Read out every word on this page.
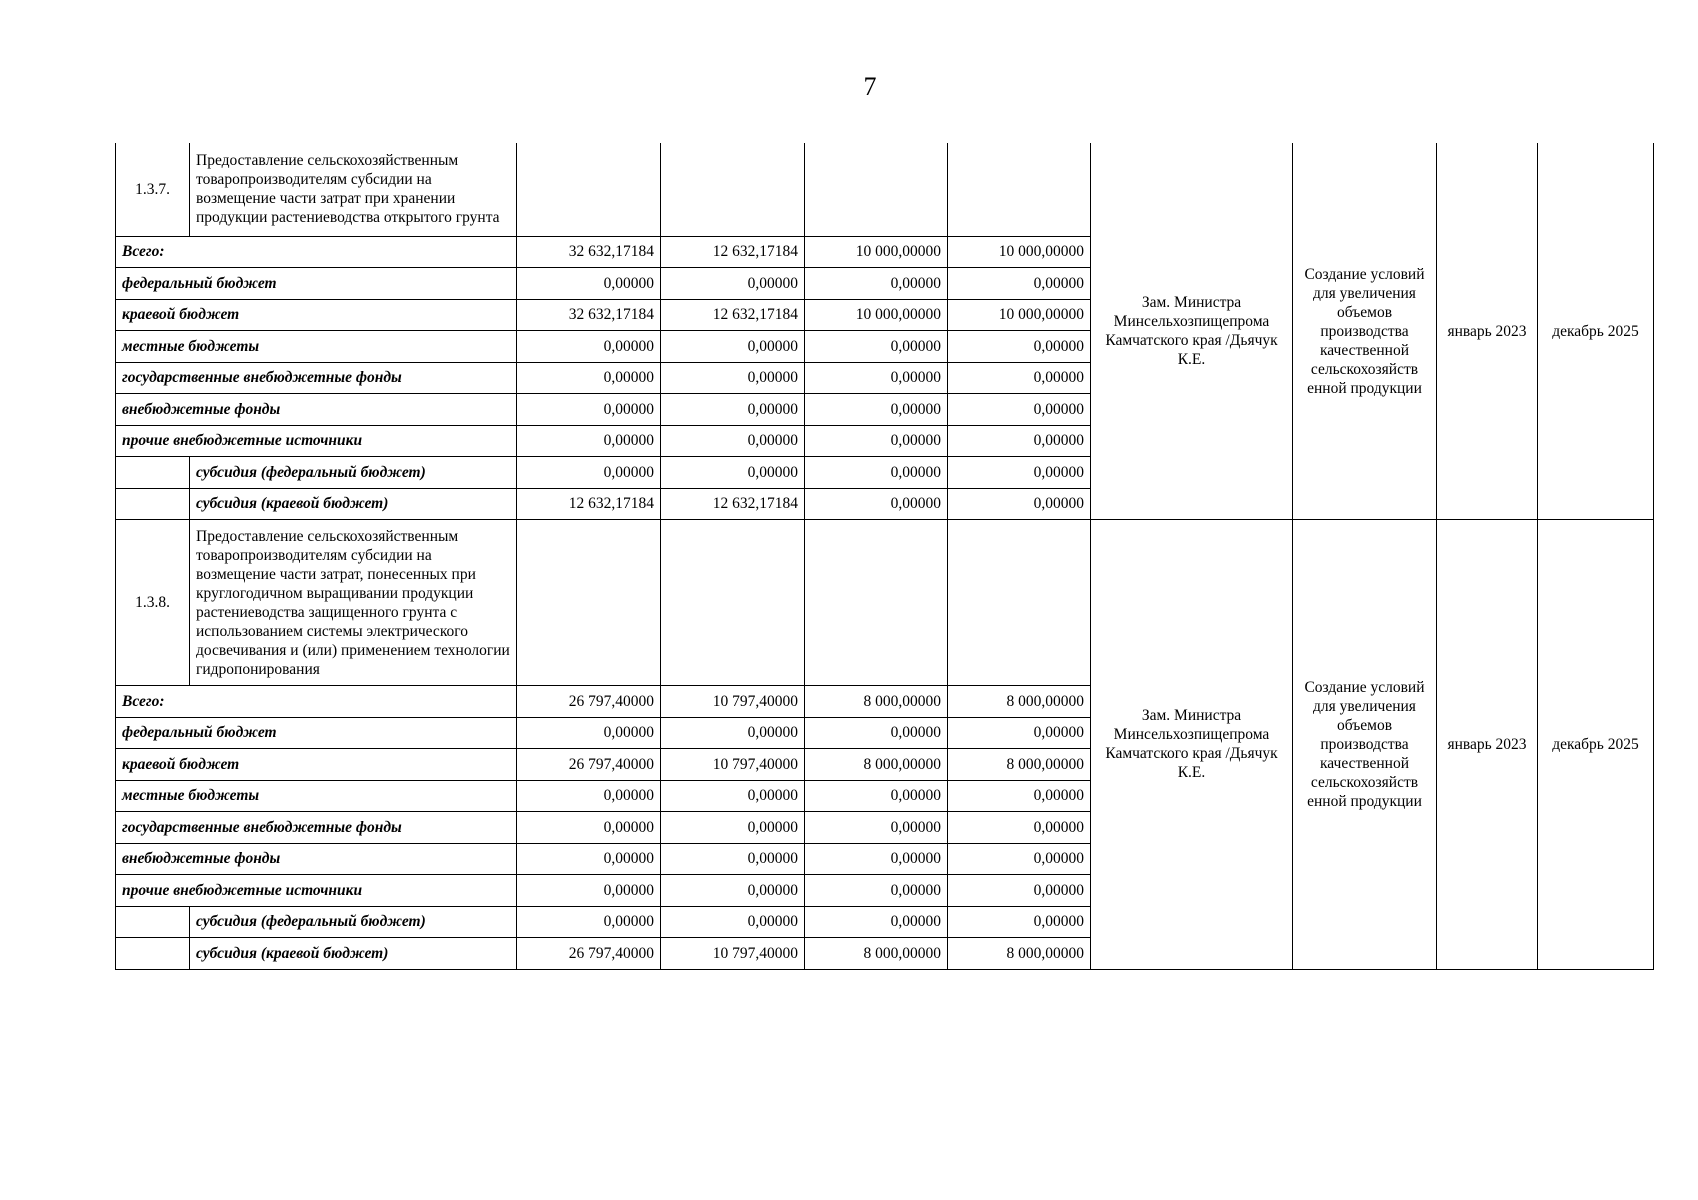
7
1.3.7.	Предоставление сельскохозяйственным товаропроизводителям субсидии на возмещение части затрат при хранении продукции растениеводства открытого грунта					Зам. Министра Минсельхозпищепрома Камчатского края /Дьячук К.Е.	Создание условий для увеличения объемов производства качественной сельскохозяйств енной продукции	январь 2023	декабрь 2025
Всего:		32 632,17184	12 632,17184	10 000,00000	10 000,00000				
федеральный бюджет		0,00000	0,00000	0,00000	0,00000				
краевой бюджет		32 632,17184	12 632,17184	10 000,00000	10 000,00000				
местные бюджеты		0,00000	0,00000	0,00000	0,00000				
государственные внебюджетные фонды		0,00000	0,00000	0,00000	0,00000				
внебюджетные фонды		0,00000	0,00000	0,00000	0,00000				
прочие внебюджетные источники		0,00000	0,00000	0,00000	0,00000				
	субсидия (федеральный бюджет)	0,00000	0,00000	0,00000	0,00000				
	субсидия (краевой бюджет)	12 632,17184	12 632,17184	0,00000	0,00000				
1.3.8.	Предоставление сельскохозяйственным товаропроизводителям субсидии на возмещение части затрат, понесенных при круглогодичном выращивании продукции растениеводства защищенного грунта с использованием системы электрического досвечивания и (или) применением технологии гидропонирования					Зам. Министра Минсельхозпищепрома Камчатского края /Дьячук К.Е.	Создание условий для увеличения объемов производства качественной сельскохозяйств енной продукции	январь 2023	декабрь 2025
Всего:		26 797,40000	10 797,40000	8 000,00000	8 000,00000				
федеральный бюджет		0,00000	0,00000	0,00000	0,00000				
краевой бюджет		26 797,40000	10 797,40000	8 000,00000	8 000,00000				
местные бюджеты		0,00000	0,00000	0,00000	0,00000				
государственные внебюджетные фонды		0,00000	0,00000	0,00000	0,00000				
внебюджетные фонды		0,00000	0,00000	0,00000	0,00000				
прочие внебюджетные источники		0,00000	0,00000	0,00000	0,00000				
	субсидия (федеральный бюджет)	0,00000	0,00000	0,00000	0,00000				
	субсидия (краевой бюджет)	26 797,40000	10 797,40000	8 000,00000	8 000,00000				
